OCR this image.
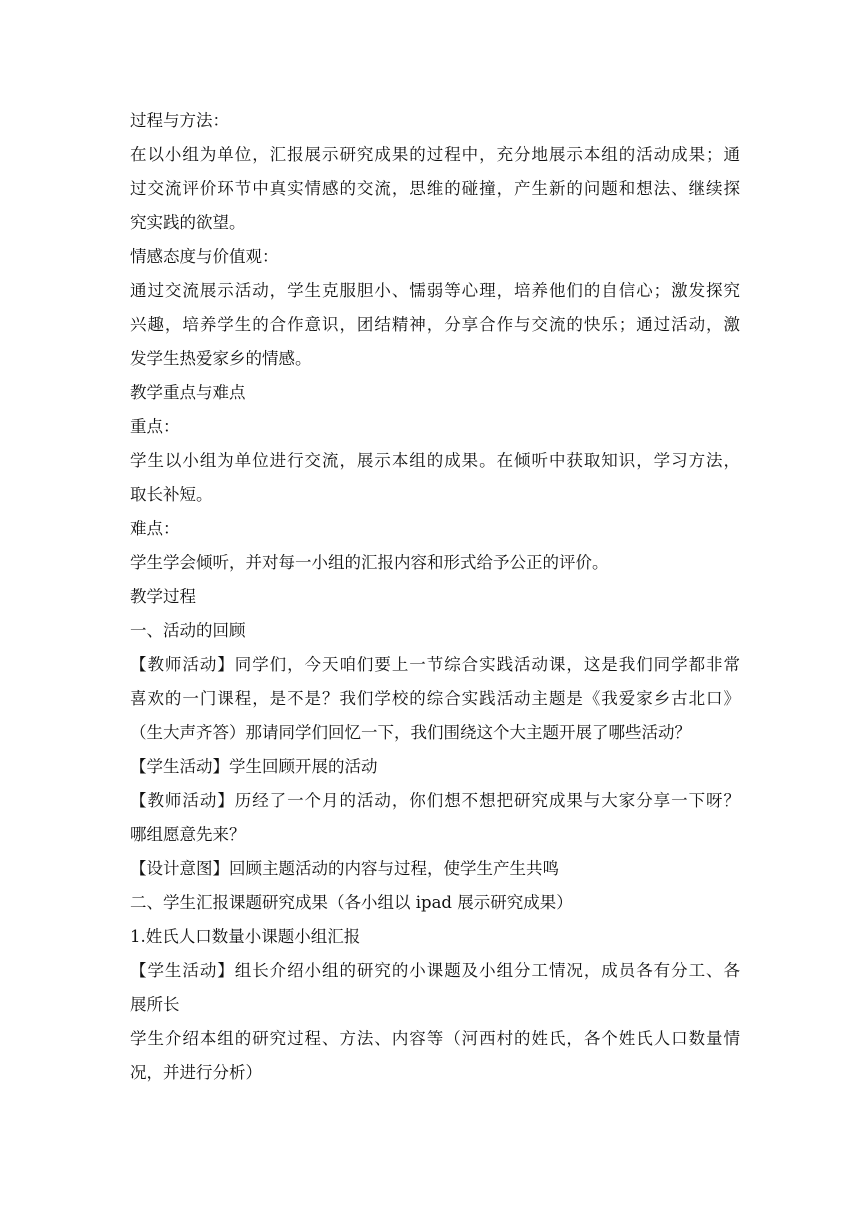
过程与方法：

在以小组为单位，汇报展示研究成果的过程中，充分地展示本组的活动成果；通
过交流评价环节中真实情感的交流，思维的碰撞，产生新的问题和想法、继续探
究实践的欲望。

情感态度与价值观：

通过交流展示活动，学生克服胆小、懦弱等心理，培养他们的自信心；激发探究
兴趣，培养学生的合作意识，团结精神，分享合作与交流的快乐；通过活动，激
发学生热爱家乡的情感。

教学重点与难点

重点：

学生以小组为单位进行交流，展示本组的成果。在倾听中获取知识，学习方法，
取长补短。

难点：

学生学会倾听，并对每一小组的汇报内容和形式给予公正的评价。

教学过程

一、活动的回顾

【教师活动】同学们，今天咱们要上一节综合实践活动课，这是我们同学都非常
喜欢的一门课程，是不是？我们学校的综合实践活动主题是《我爱家乡古北口》
（生大声齐答）那请同学们回忆一下，我们围绕这个大主题开展了哪些活动？

【学生活动】学生回顾开展的活动

【教师活动】历经了一个月的活动，你们想不想把研究成果与大家分享一下呀？
哪组愿意先来？

【设计意图】回顾主题活动的内容与过程，使学生产生共鸣

二、学生汇报课题研究成果（各小组以 ipad 展示研究成果）

1.姓氏人口数量小课题小组汇报

【学生活动】组长介绍小组的研究的小课题及小组分工情况，成员各有分工、各
展所长

学生介绍本组的研究过程、方法、内容等（河西村的姓氏，各个姓氏人口数量情
况，并进行分析）
